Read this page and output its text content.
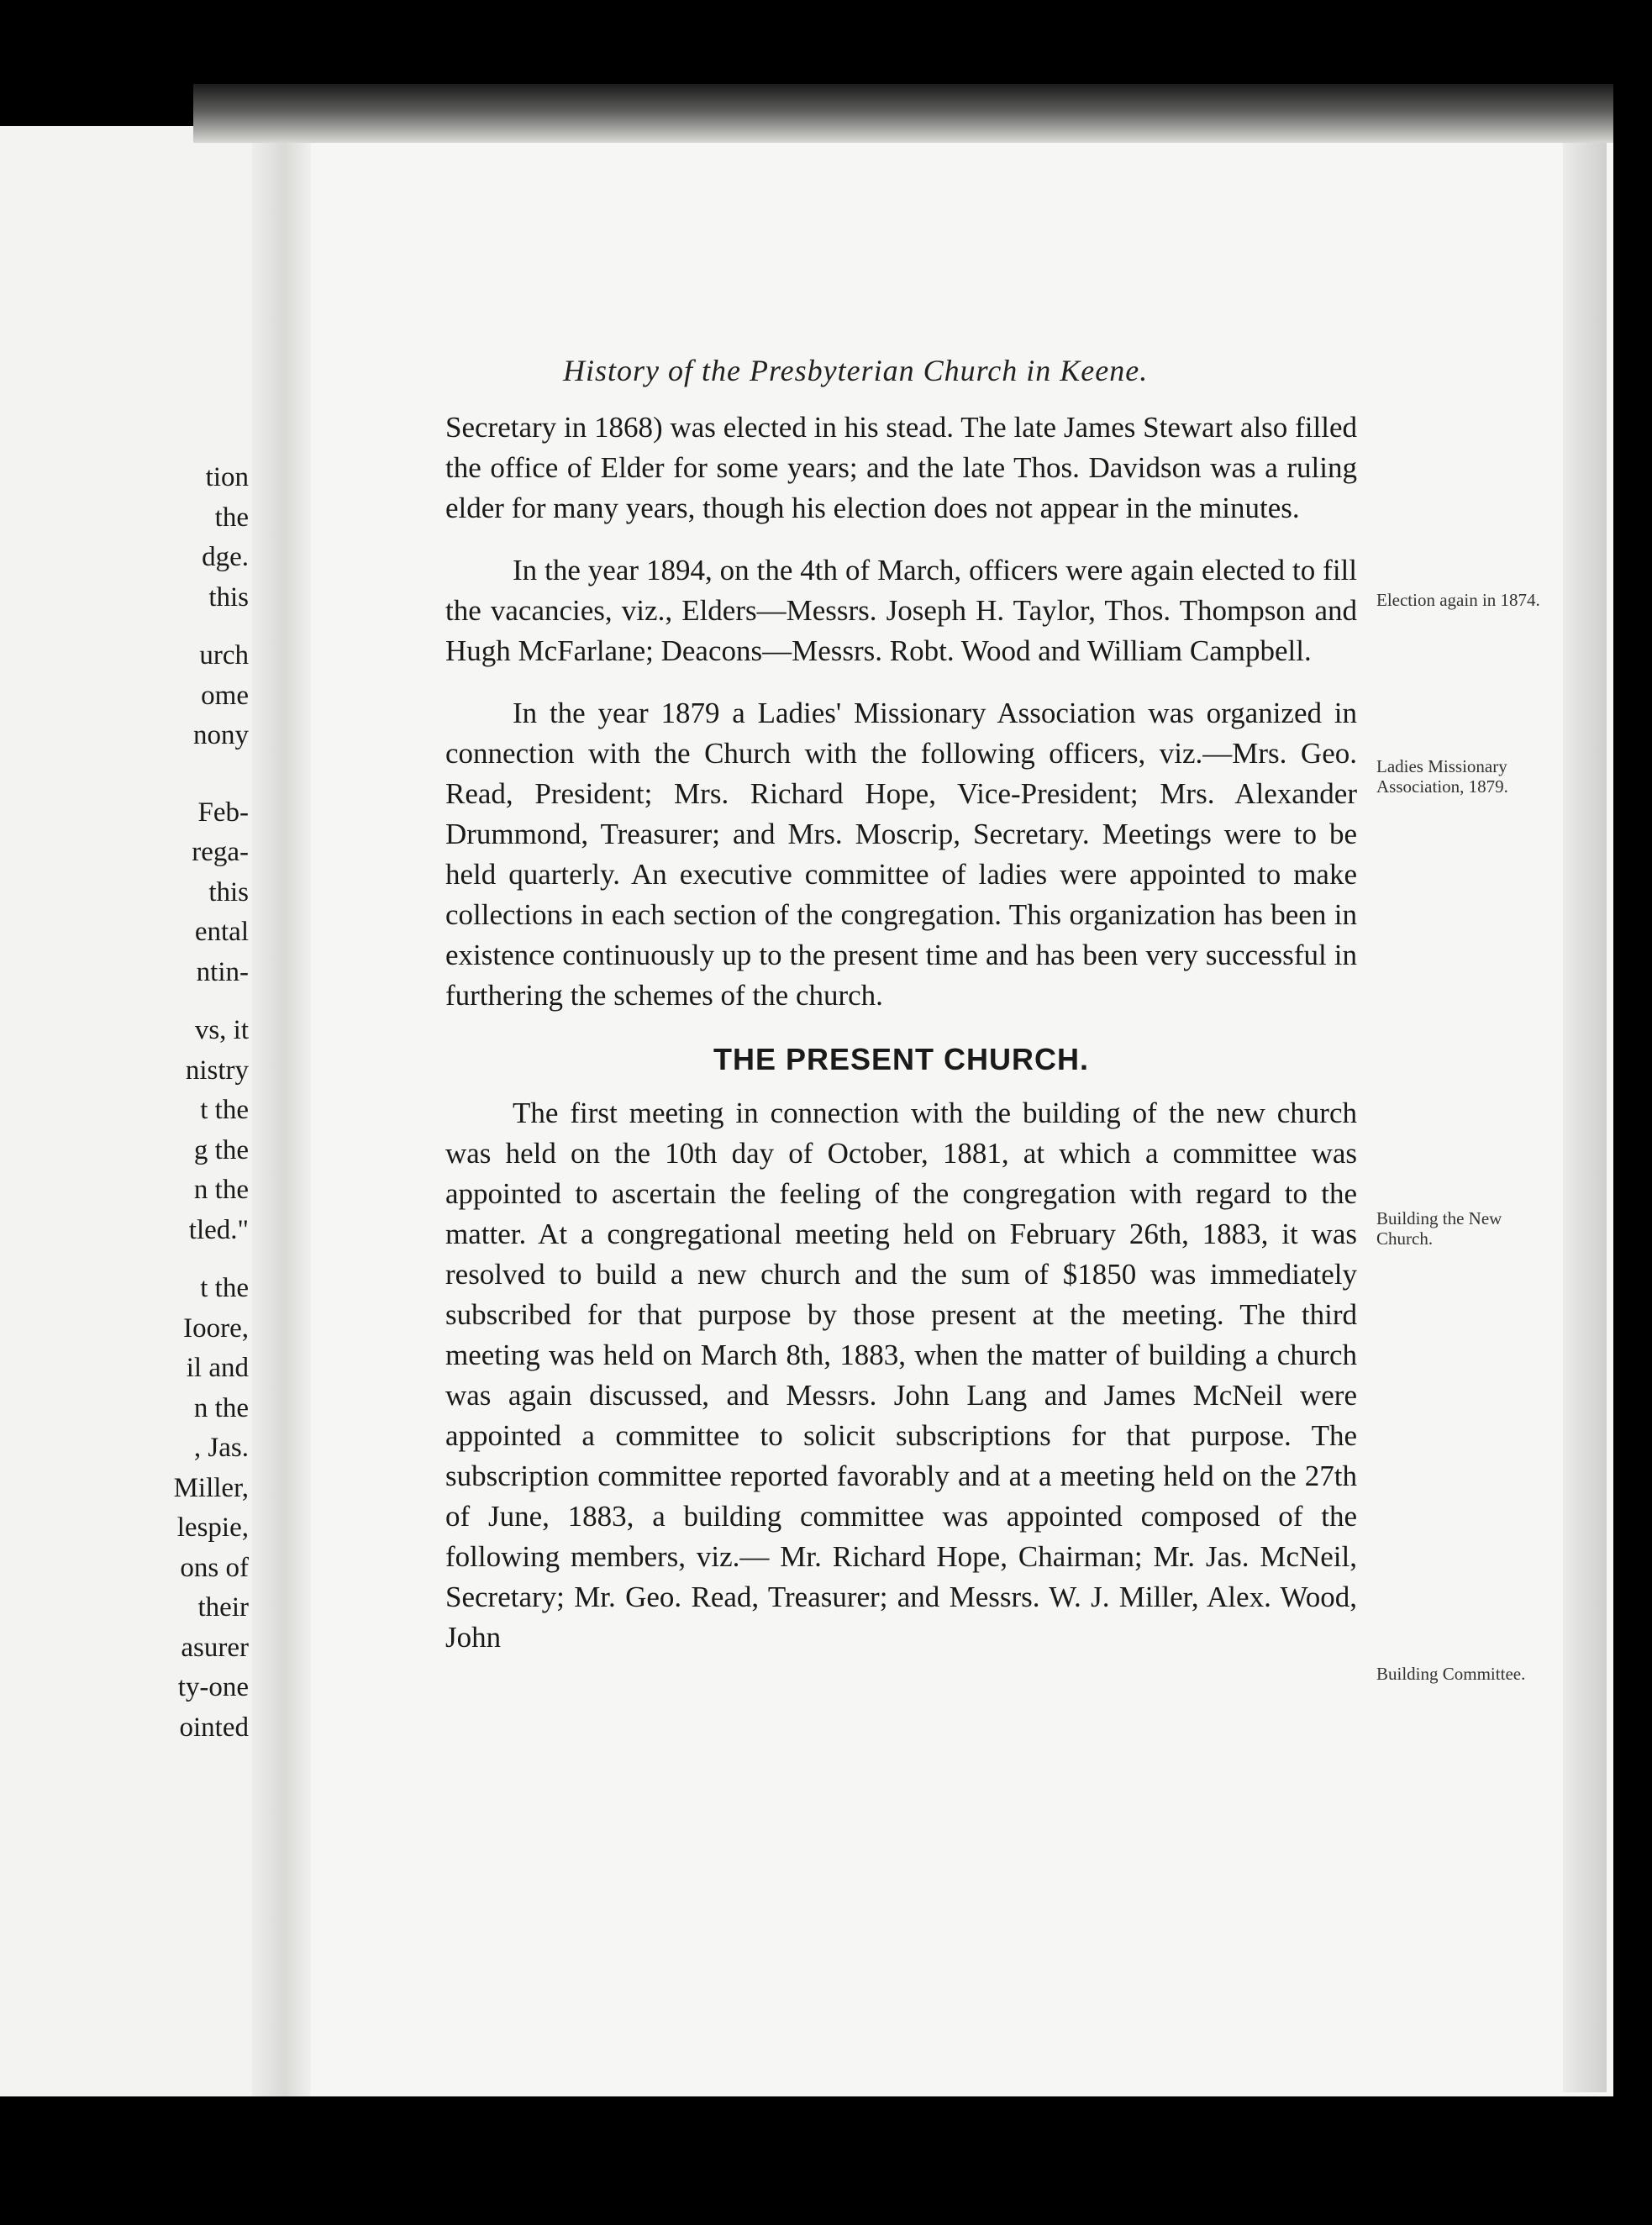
tion
the
dge.
this
urch
ome
nony
Feb-
rega-
this
ental
ntin-
vs, it
nistry
t the
g the
n the
tled."
t the
Ioore,
il and
n the
, Jas.
Miller,
lespie,
ons of
their
asurer
ty-one
ointed
History of the Presbyterian Church in Keene.

Secretary in 1868) was elected in his stead. The late James Stewart also filled the office of Elder for some years; and the late Thos. Davidson was a ruling elder for many years, though his election does not appear in the minutes.

In the year 1894, on the 4th of March, officers were again elected to fill the vacancies, viz., Elders—Messrs. Joseph H. Taylor, Thos. Thompson and Hugh McFarlane; Deacons—Messrs. Robt. Wood and William Campbell.

In the year 1879 a Ladies' Missionary Association was organized in connection with the Church with the following officers, viz.—Mrs. Geo. Read, President; Mrs. Richard Hope, Vice-President; Mrs. Alexander Drummond, Treasurer; and Mrs. Moscrip, Secretary. Meetings were to be held quarterly. An executive committee of ladies were appointed to make collections in each section of the congregation. This organization has been in existence continuously up to the present time and has been very successful in furthering the schemes of the church.

THE PRESENT CHURCH.

The first meeting in connection with the building of the new church was held on the 10th day of October, 1881, at which a committee was appointed to ascertain the feeling of the congregation with regard to the matter. At a congregational meeting held on February 26th, 1883, it was resolved to build a new church and the sum of $1850 was immediately subscribed for that purpose by those present at the meeting. The third meeting was held on March 8th, 1883, when the matter of building a church was again discussed, and Messrs. John Lang and James McNeil were appointed a committee to solicit subscriptions for that purpose. The subscription committee reported favorably and at a meeting held on the 27th of June, 1883, a building committee was appointed composed of the following members, viz.— Mr. Richard Hope, Chairman; Mr. Jas. McNeil, Secretary; Mr. Geo. Read, Treasurer; and Messrs. W. J. Miller, Alex. Wood, John

Election again in 1874.
Ladies Missionary Association, 1879.
Building the New Church.
Building Committee.
